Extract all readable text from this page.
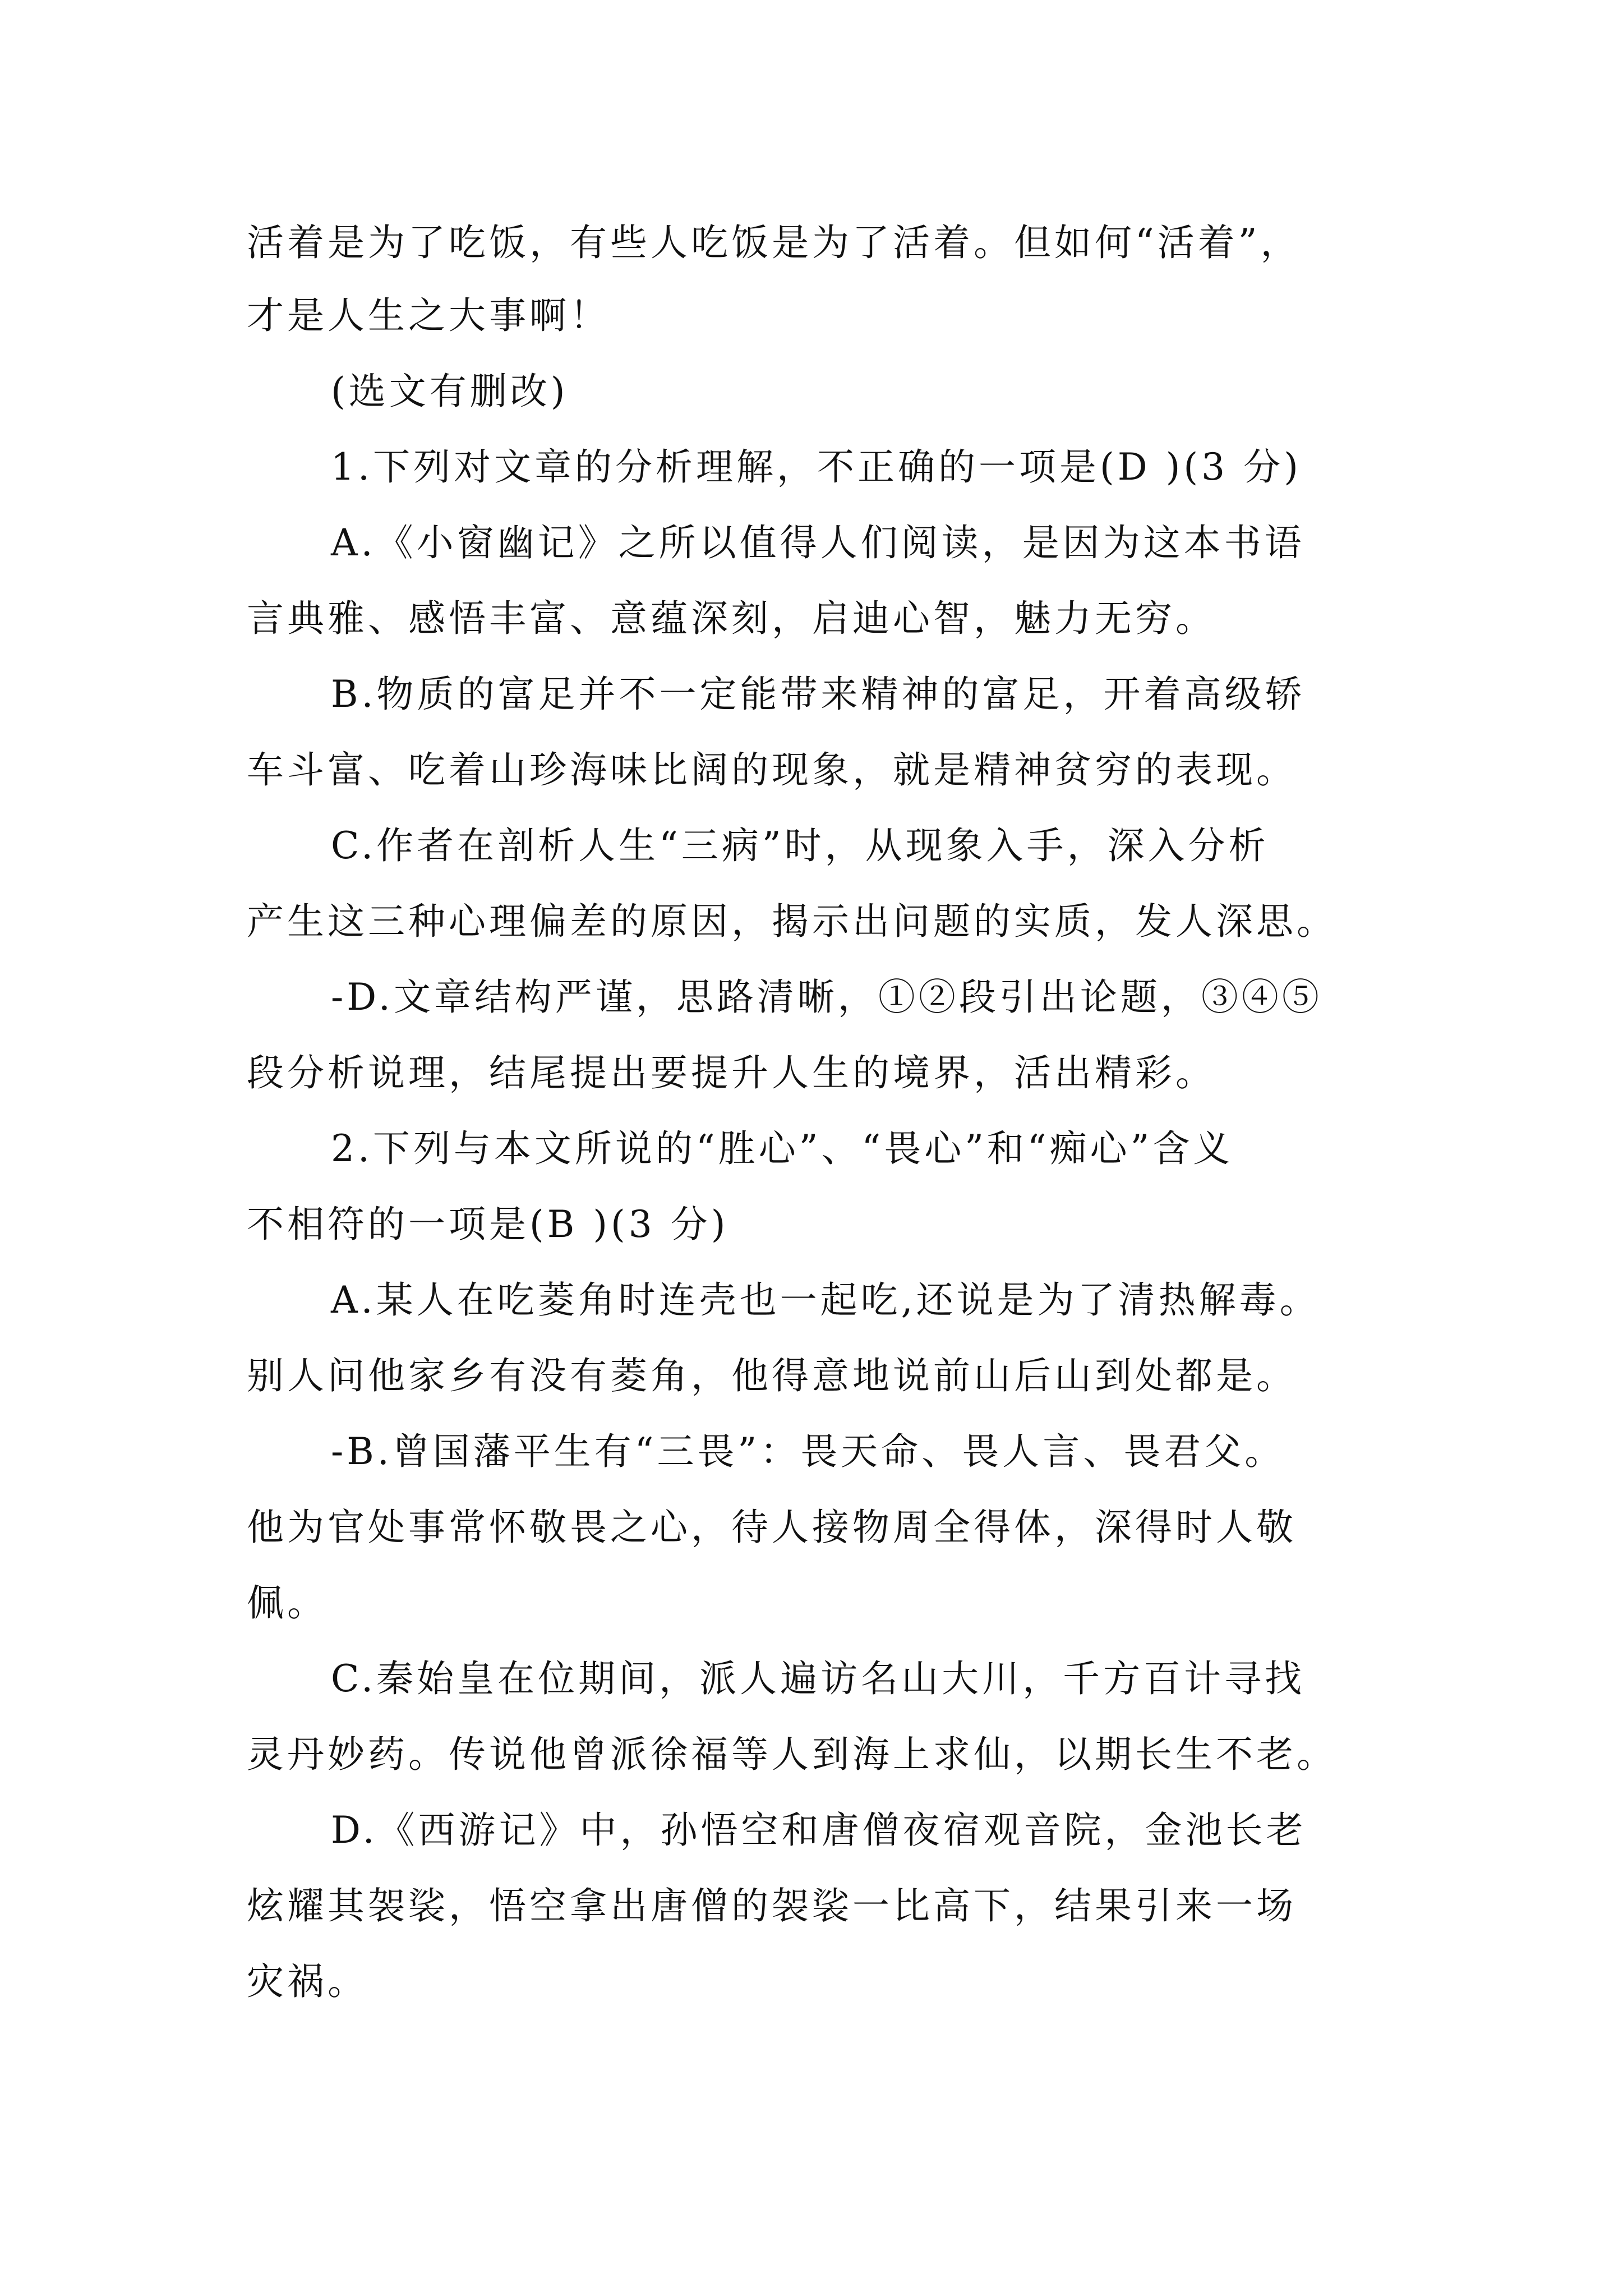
活着是为了吃饭，有些人吃饭是为了活着。但如何“活着”，
才是人生之大事啊！
(选文有删改)
1.下列对文章的分析理解，不正确的一项是(D )(3 分)
A.《小窗幽记》之所以值得人们阅读，是因为这本书语
言典雅、感悟丰富、意蕴深刻，启迪心智，魅力无穷。
B.物质的富足并不一定能带来精神的富足，开着高级轿
车斗富、吃着山珍海味比阔的现象，就是精神贫穷的表现。
C.作者在剖析人生“三病”时，从现象入手，深入分析
产生这三种心理偏差的原因，揭示出问题的实质，发人深思。
-D.文章结构严谨，思路清晰，①②段引出论题，③④⑤
段分析说理，结尾提出要提升人生的境界，活出精彩。
2.下列与本文所说的“胜心”、“畏心”和“痴心”含义
不相符的一项是(B )(3 分)
A.某人在吃菱角时连壳也一起吃,还说是为了清热解毒。
别人问他家乡有没有菱角，他得意地说前山后山到处都是。
-B.曾国藩平生有“三畏”：畏天命、畏人言、畏君父。
他为官处事常怀敬畏之心，待人接物周全得体，深得时人敬
佩。
C.秦始皇在位期间，派人遍访名山大川，千方百计寻找
灵丹妙药。传说他曾派徐福等人到海上求仙，以期长生不老。
D.《西游记》中，孙悟空和唐僧夜宿观音院，金池长老
炫耀其袈裟，悟空拿出唐僧的袈裟一比高下，结果引来一场
灾祸。
